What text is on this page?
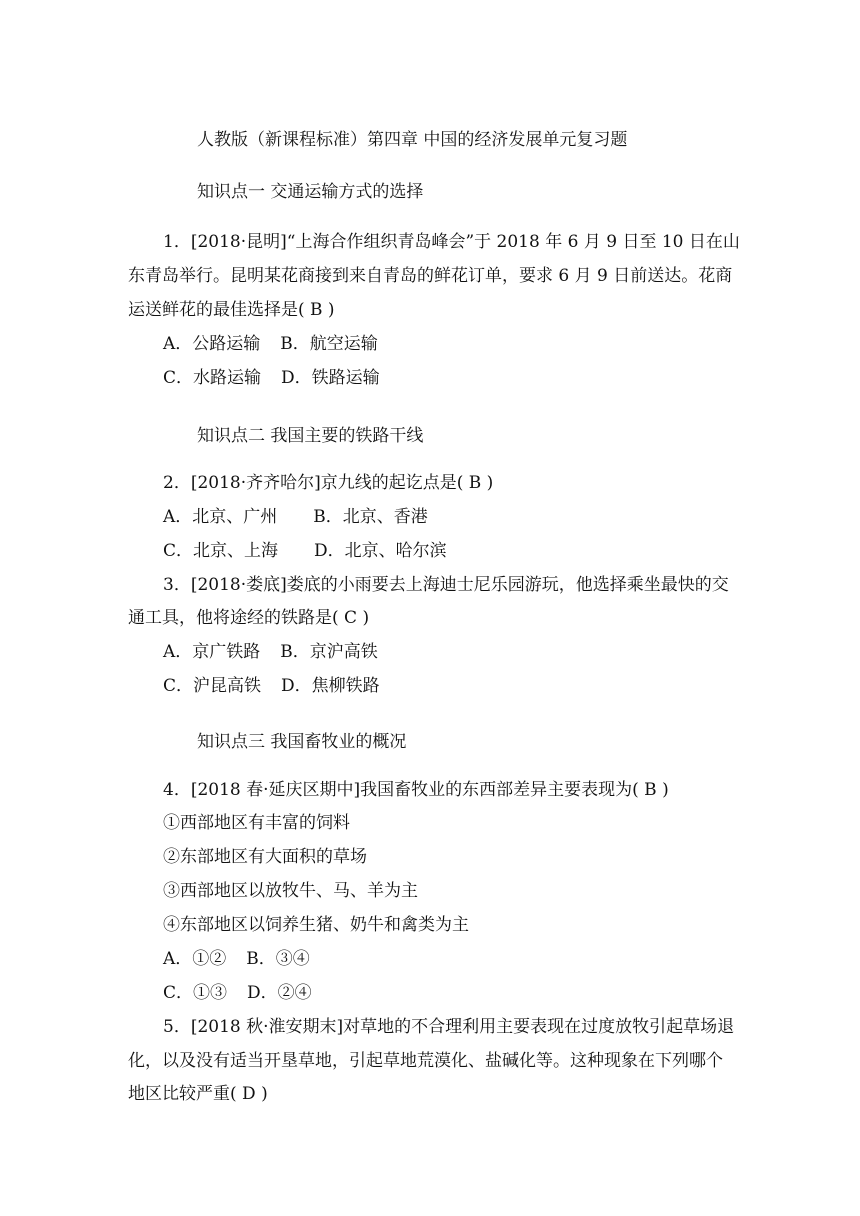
人教版（新课程标准）第四章 中国的经济发展单元复习题
知识点一 交通运输方式的选择
1．[2018·昆明]“上海合作组织青岛峰会”于 2018 年 6 月 9 日至 10 日在山
东青岛举行。昆明某花商接到来自青岛的鲜花订单，要求 6 月 9 日前送达。花商
运送鲜花的最佳选择是( B )
A．公路运输 B．航空运输
C．水路运输 D．铁路运输
知识点二 我国主要的铁路干线
2．[2018·齐齐哈尔]京九线的起讫点是( B )
A．北京、广州 B．北京、香港
C．北京、上海 D．北京、哈尔滨
3．[2018·娄底]娄底的小雨要去上海迪士尼乐园游玩，他选择乘坐最快的交
通工具，他将途经的铁路是( C )
A．京广铁路 B．京沪高铁
C．沪昆高铁 D．焦柳铁路
知识点三 我国畜牧业的概况
4．[2018 春·延庆区期中]我国畜牧业的东西部差异主要表现为( B )
①西部地区有丰富的饲料
②东部地区有大面积的草场
③西部地区以放牧牛、马、羊为主
④东部地区以饲养生猪、奶牛和禽类为主
A．①② B．③④
C．①③ D．②④
5．[2018 秋·淮安期末]对草地的不合理利用主要表现在过度放牧引起草场退
化，以及没有适当开垦草地，引起草地荒漠化、盐碱化等。这种现象在下列哪个
地区比较严重( D )
